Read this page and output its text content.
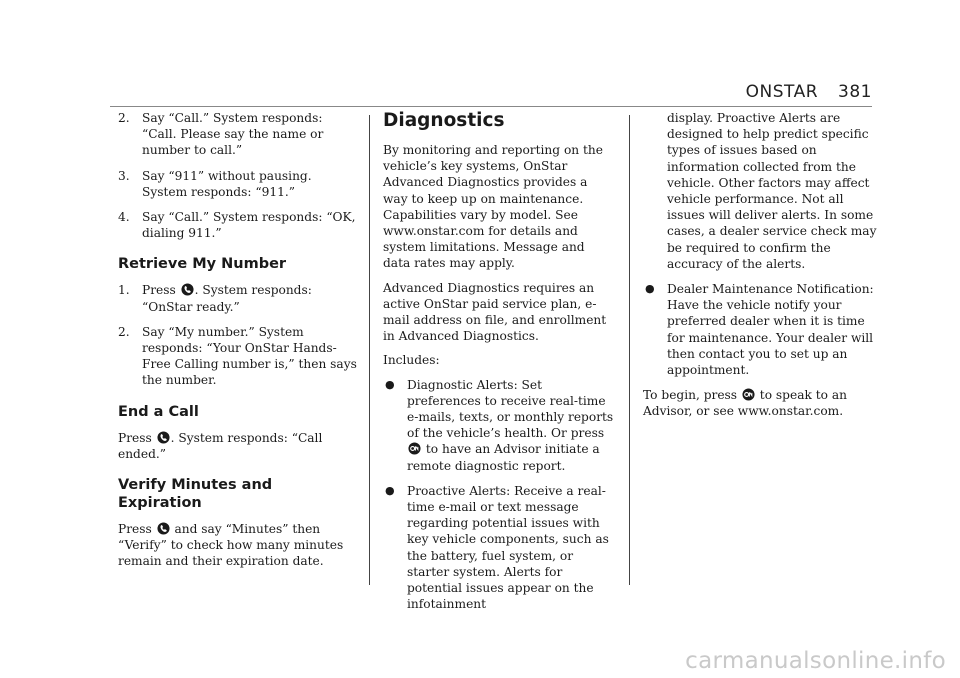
ONSTAR 381
2.	Say “Call.” System responds: “Call. Please say the name or number to call.”
3.	Say “911” without pausing. System responds: “911.”
4.	Say “Call.” System responds: “OK, dialing 911.”
Retrieve My Number
1.	Press
. System responds: “OnStar ready.”
2.	Say “My number.” System responds: “Your OnStar Hands-Free Calling number is,” then says the number.
End a Call

Press
. System responds: “Call ended.”

Verify Minutes and Expiration

Press
and say “Minutes” then “Verify” to check how many minutes remain and their expiration date.

Diagnostics

By monitoring and reporting on the vehicle’s key systems, OnStar Advanced Diagnostics provides a way to keep up on maintenance. Capabilities vary by model. See www.onstar.com for details and system limitations. Message and data rates may apply.

Advanced Diagnostics requires an active OnStar paid service plan, e-mail address on file, and enrollment in Advanced Diagnostics.

Includes:

●	Diagnostic Alerts: Set preferences to receive real-time e-mails, texts, or monthly reports of the vehicle’s health. Or press
to have an Advisor initiate a remote diagnostic report.
●	Proactive Alerts: Receive a real-time e-mail or text message regarding potential issues with key vehicle components, such as the battery, fuel system, or starter system. Alerts for potential issues appear on the infotainment
display. Proactive Alerts are designed to help predict specific types of issues based on information collected from the vehicle. Other factors may affect vehicle performance. Not all issues will deliver alerts. In some cases, a dealer service check may be required to confirm the accuracy of the alerts.
●	Dealer Maintenance Notification: Have the vehicle notify your preferred dealer when it is time for maintenance. Your dealer will then contact you to set up an appointment.

To begin, press
to speak to an Advisor, or see www.onstar.com.

carmanualsonline.info
